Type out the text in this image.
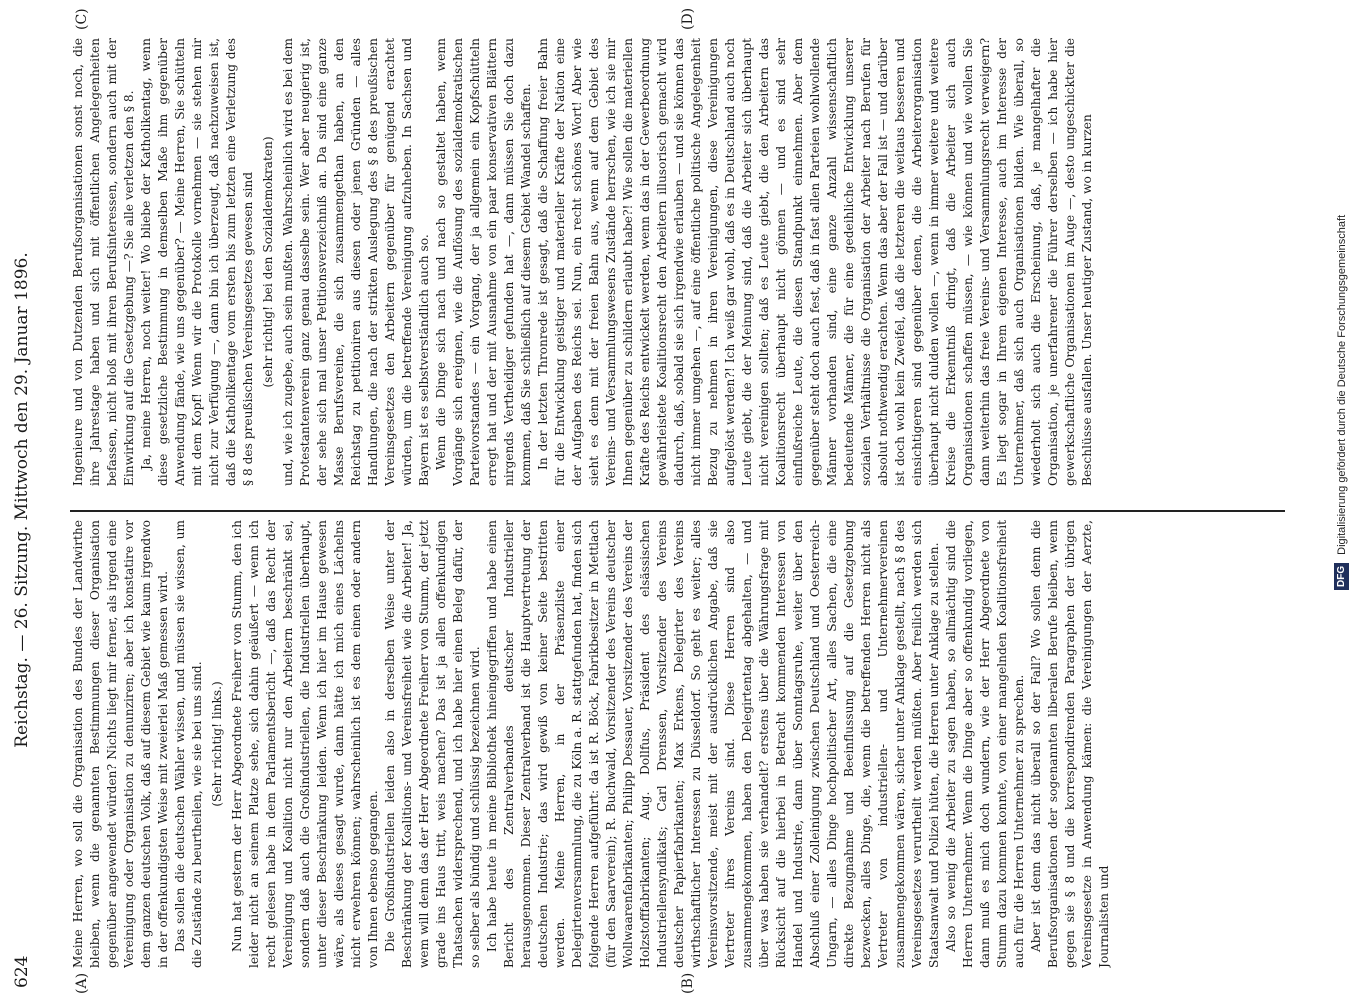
624
Reichstag. — 26. Sitzung. Mittwoch den 29. Januar 1896.
(A)	(B)
(C)	(D)

Meine Herren, wo soll die Organisation des Bundes der Landwirthe bleiben, wenn die genannten Bestimmungen dieser Organisation gegenüber angewendet würden? Nichts liegt mir ferner, als irgend eine Vereinigung oder Organisation zu denunziren; aber ich konstatire vor dem ganzen deutschen Volk, daß auf diesem Gebiet wie kaum irgendwo in der offenkundigsten Weise mit zweierlei Maß gemessen wird. Das sollen die deutschen Wähler wissen, und müssen sie wissen, um die Zustände zu beurtheilen, wie sie bei uns sind. (Sehr richtig! links.) Nun hat gestern der Herr Abgeordnete Freiherr von Stumm, den ich leider nicht an seinem Platze sehe, sich dahin geäußert — wenn ich recht gelesen habe in dem Parlamentsbericht —, daß das Recht der Vereinigung und Koalition nicht nur den Arbeitern beschränkt sei, sondern daß auch die Großindustriellen, die Industriellen überhaupt, unter dieser Beschränkung leiden. Wenn ich hier im Hause gewesen wäre, als dieses gesagt wurde, dann hätte ich mich eines Lächelns nicht erwehren können; wahrscheinlich ist es dem einen oder andern von Ihnen ebenso gegangen. Die Großindustriellen leiden also in derselben Weise unter der Beschränkung der Koalitions- und Vereinsfreiheit wie die Arbeiter! Ja, wem will denn das der Herr Abgeordnete Freiherr von Stumm, der jetzt grade ins Haus tritt, weis machen? Das ist ja allen offenkundigen Thatsachen widersprechend, und ich habe hier einen Beleg dafür, der so selber als bündig und schlüssig bezeichnen wird. Ich habe heute in meine Bibliothek hineingegriffen und habe einen Bericht des Zentralverbandes deutscher Industrieller herausgenommen. Dieser Zentralverband ist die Hauptvertretung der deutschen Industrie; das wird gewiß von keiner Seite bestritten werden. Meine Herren, in der Präsenzliste einer Delegirtenversammlung, die zu Köln a. R. stattgefunden hat, finden sich folgende Herren aufgeführt: da ist R. Böck, Fabrikbesitzer in Mettlach (für den Saarverein); R. Buchwald, Vorsitzender des Vereins deutscher Wollwaarenfabrikanten; Philipp Dessauer, Vorsitzender des Vereins der Holzstofffabrikanten; Aug. Dollfus, Präsident des elsässischen Industriellensyndikats; Carl Drenssen, Vorsitzender des Vereins deutscher Papierfabrikanten; Max Erkens, Delegirter des Vereins wirthschaftlicher Interessen zu Düsseldorf. So geht es weiter; alles Vereinsvorsitzende, meist mit der ausdrücklichen Angabe, daß sie Vertreter ihres Vereins sind. Diese Herren sind also zusammengekommen, haben den Delegirtentag abgehalten, — und über was haben sie verhandelt? erstens über die Währungsfrage mit Rücksicht auf die hierbei in Betracht kommenden Interessen von Handel und Industrie, dann über Sonntagsruhe, weiter über den Abschluß einer Zolleinigung zwischen Deutschland und Oesterreich-Ungarn, — alles Dinge hochpolitischer Art, alles Sachen, die eine direkte Bezugnahme und Beeinflussung auf die Gesetzgebung bezwecken, alles Dinge, die, wenn die betreffenden Herren nicht als Vertreter von industriellen- und Unternehmervereinen zusammengekommen wären, sicher unter Anklage gestellt, nach § 8 des Vereinsgesetzes verurtheilt werden müßten. Aber freilich werden sich Staatsanwalt und Polizei hüten, die Herren unter Anklage zu stellen. Also so wenig die Arbeiter zu sagen haben, so allmächtig sind die Herren Unternehmer. Wenn die Dinge aber so offenkundig vorliegen, dann muß es mich doch wundern, wie der Herr Abgeordnete von Stumm dazu kommen konnte, von einer mangelnden Koalitionsfreiheit auch für die Herren Unternehmer zu sprechen. Aber ist denn das nicht überall so der Fall? Wo sollen denn die Berufsorganisationen der sogenannten liberalen Berufe bleiben, wenn gegen sie § 8 und die korrespondirenden Paragraphen der übrigen Vereinsgesetze in Anwendung kämen: die Vereinigungen der Aerzte, Journalisten und

Ingenieure und von Dutzenden Berufsorganisationen sonst noch, die ihre Jahrestage haben und sich mit öffentlichen Angelegenheiten befassen, nicht bloß mit ihren Berufsinteressen, sondern auch mit der Einwirkung auf die Gesetzgebung —? Sie alle verletzen den § 8. Ja, meine Herren, noch weiter! Wo bliebe der Katholikentag, wenn diese gesetzliche Bestimmung in demselben Maße ihm gegenüber Anwendung fände, wie uns gegenüber? — Meine Herren, Sie schütteln mit dem Kopf! Wenn wir die Protokolle vornehmen — sie stehen mir nicht zur Verfügung —, dann bin ich überzeugt, daß nachzuweisen ist, daß die Katholikentage vom ersten bis zum letzten eine Verletzung des § 8 des preußischen Vereinsgesetzes gewesen sind (sehr richtig! bei den Sozialdemokraten) und, wie ich zugebe, auch sein mußten. Wahrscheinlich wird es bei dem Protestantenverein ganz genau dasselbe sein. Wer aber neugierig ist, der sehe sich mal unser Petitionsverzeichniß an. Da sind eine ganze Masse Berufsvereine, die sich zusammengethan haben, an den Reichstag zu petitioniren aus diesen oder jenen Gründen — alles Handlungen, die nach der strikten Auslegung des § 8 des preußischen Vereinsgesetzes den Arbeitern gegenüber für genügend erachtet würden, um die betreffende Vereinigung aufzuheben. In Sachsen und Bayern ist es selbstverständlich auch so. Wenn die Dinge sich nach und nach so gestaltet haben, wenn Vorgänge sich ereignen, wie die Auflösung des sozialdemokratischen Parteivorstandes — ein Vorgang, der ja allgemein ein Kopfschütteln erregt hat und der mit Ausnahme von ein paar konservativen Blättern nirgends Vertheidiger gefunden hat —, dann müssen Sie doch dazu kommen, daß Sie schließlich auf diesem Gebiet Wandel schaffen. In der letzten Thronrede ist gesagt, daß die Schaffung freier Bahn für die Entwicklung geistiger und materieller Kräfte der Nation eine der Aufgaben des Reichs sei. Nun, ein recht schönes Wort! Aber wie sieht es denn mit der freien Bahn aus, wenn auf dem Gebiet des Vereins- und Versammlungswesens Zustände herrschen, wie ich sie mir Ihnen gegenüber zu schildern erlaubt habe?! Wie sollen die materiellen Kräfte des Reichs entwickelt werden, wenn das in der Gewerbeordnung gewährleistete Koalitionsrecht den Arbeitern illusorisch gemacht wird dadurch, daß, sobald sie sich irgendwie erlauben — und sie können das nicht immer umgehen —, auf eine öffentliche politische Angelegenheit Bezug zu nehmen in ihren Vereinigungen, diese Vereinigungen aufgelöst werden?! Ich weiß gar wohl, daß es in Deutschland auch noch Leute giebt, die der Meinung sind, daß die Arbeiter sich überhaupt nicht vereinigen sollten; daß es Leute giebt, die den Arbeitern das Koalitionsrecht überhaupt nicht gönnen — und es sind sehr einflußreiche Leute, die diesen Standpunkt einnehmen. Aber dem gegenüber steht doch auch fest, daß in fast allen Parteien wohlwollende Männer vorhanden sind, eine ganze Anzahl wissenschaftlich bedeutende Männer, die für eine gedeihliche Entwicklung unserer sozialen Verhältnisse die Organisation der Arbeiter nach Berufen für absolut nothwendig erachten. Wenn das aber der Fall ist — und darüber ist doch wohl kein Zweifel, daß die letzteren die weitaus besseren und einsichtigeren sind gegenüber denen, die die Arbeiterorganisation überhaupt nicht dulden wollen —, wenn in immer weitere und weitere Kreise die Erkenntniß dringt, daß die Arbeiter sich auch Organisationen schaffen müssen, — wie können und wie wollen Sie dann weiterhin das freie Vereins- und Versammlungsrecht verweigern? Es liegt sogar in Ihrem eigenen Interesse, auch im Interesse der Unternehmer, daß sich auch Organisationen bilden. Wie überall, so wiederholt sich auch die Erscheinung, daß, je mangelhafter die Organisation, je unerfahrener die Führer derselben — ich habe hier gewerkschaftliche Organisationen im Auge —, desto ungeschickter die Beschlüsse ausfallen. Unser heutiger Zustand, wo in kurzen

DFG Digitalisierung gefördert durch die Deutsche Forschungsgemeinschaft
